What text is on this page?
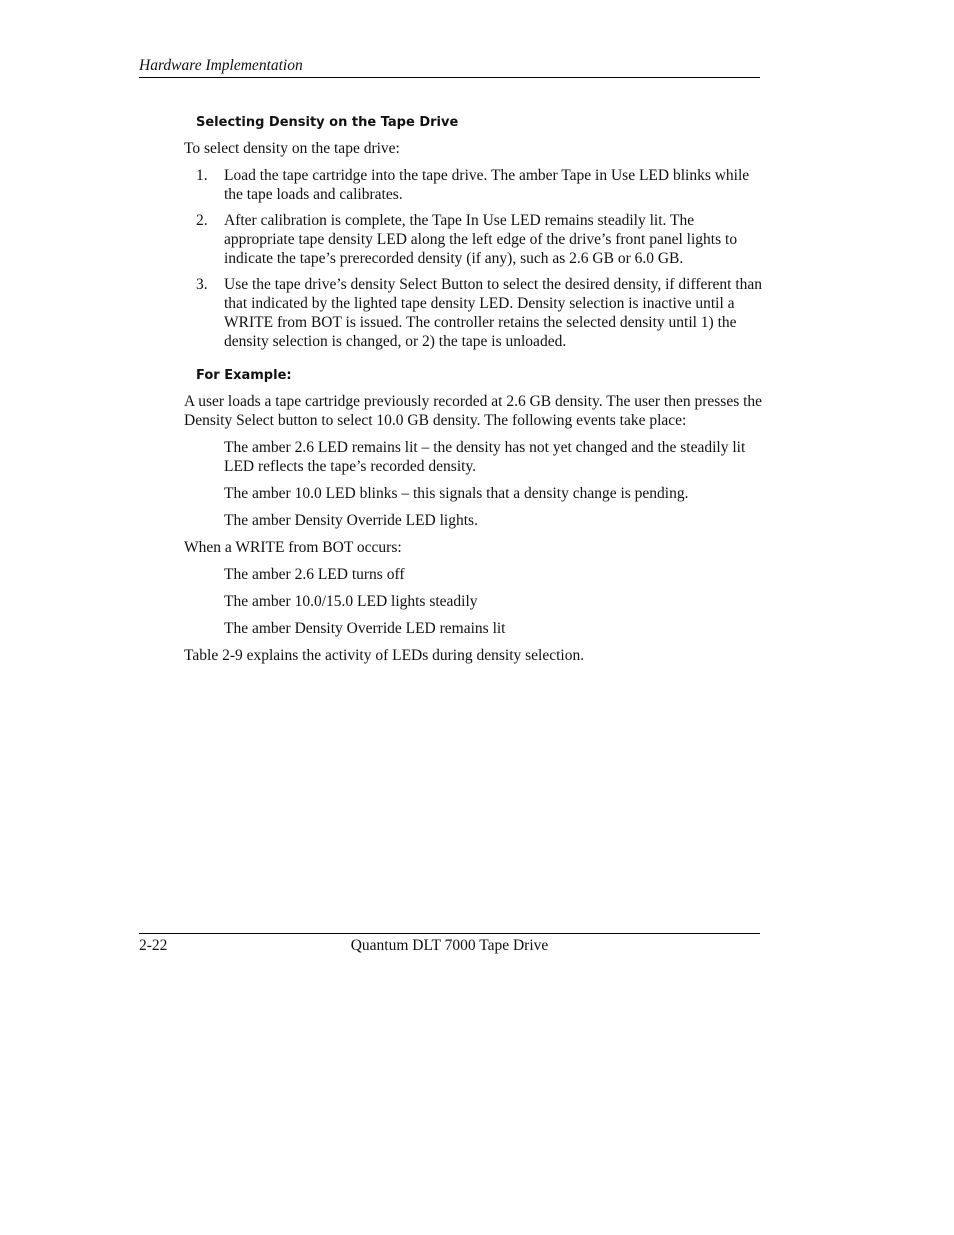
Hardware Implementation
Selecting Density on the Tape Drive

To select density on the tape drive:

1.	Load the tape cartridge into the tape drive. The amber Tape in Use LED blinks while the tape loads and calibrates.
2.	After calibration is complete, the Tape In Use LED remains steadily lit. The appropriate tape density LED along the left edge of the drive’s front panel lights to indicate the tape’s prerecorded density (if any), such as 2.6 GB or 6.0 GB.
3.	Use the tape drive’s density Select Button to select the desired density, if different than that indicated by the lighted tape density LED. Density selection is inactive until a WRITE from BOT is issued. The controller retains the selected density until 1) the density selection is changed, or 2) the tape is unloaded.
For Example:

A user loads a tape cartridge previously recorded at 2.6 GB density. The user then presses the Density Select button to select 10.0 GB density. The following events take place:

The amber 2.6 LED remains lit – the density has not yet changed and the steadily lit LED reflects the tape’s recorded density.

The amber 10.0 LED blinks – this signals that a density change is pending.

The amber Density Override LED lights.

When a WRITE from BOT occurs:

The amber 2.6 LED turns off

The amber 10.0/15.0 LED lights steadily

The amber Density Override LED remains lit

Table 2-9 explains the activity of LEDs during density selection.

2-22	Quantum DLT 7000 Tape Drive
